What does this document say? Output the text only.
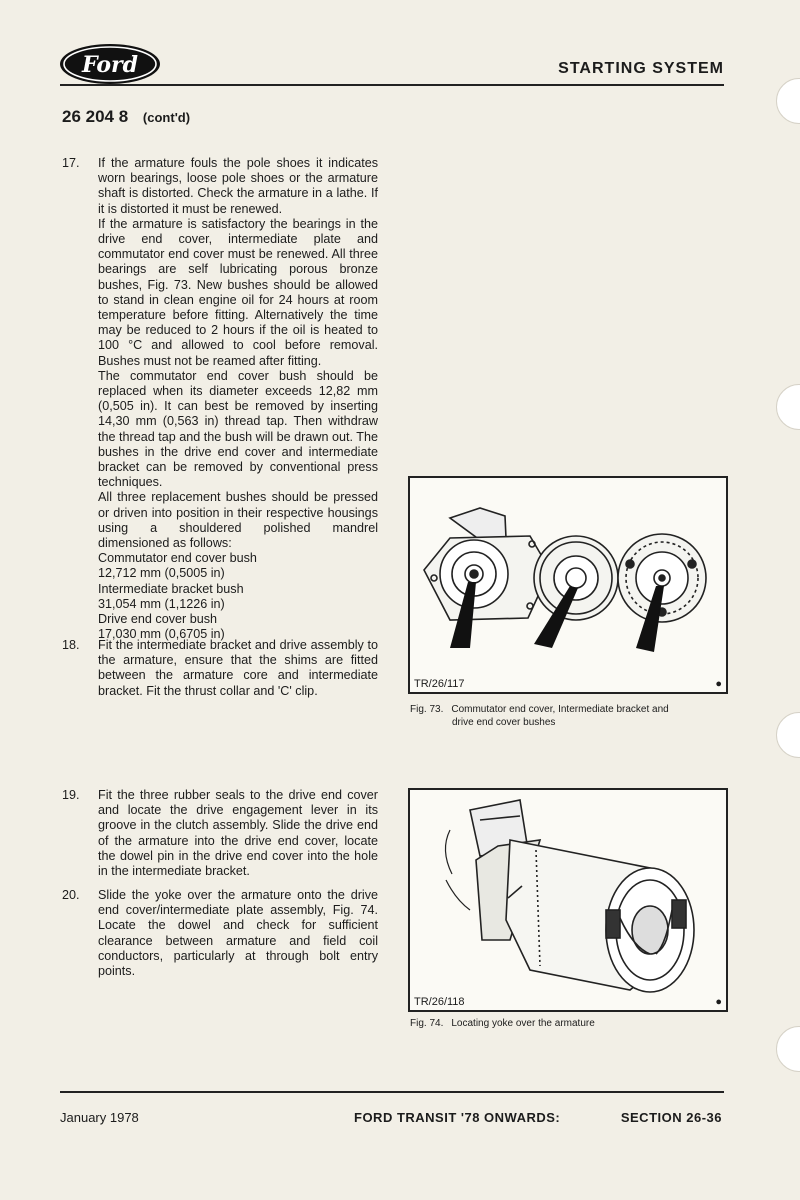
Ford	STARTING SYSTEM
26 204 8 (cont'd)
17.	If the armature fouls the pole shoes it indicates worn bearings, loose pole shoes or the armature shaft is distorted. Check the armature in a lathe. If it is distorted it must be renewed.

If the armature is satisfactory the bearings in the drive end cover, intermediate plate and commutator end cover must be renewed. All three bearings are self lubricating porous bronze bushes, Fig. 73. New bushes should be allowed to stand in clean engine oil for 24 hours at room temperature before fitting. Alternatively the time may be reduced to 2 hours if the oil is heated to 100 °C and allowed to cool before removal. Bushes must not be reamed after fitting.

The commutator end cover bush should be replaced when its diameter exceeds 12,82 mm (0,505 in). It can best be removed by inserting 14,30 mm (0,563 in) thread tap. Then withdraw the thread tap and the bush will be drawn out. The bushes in the drive end cover and intermediate bracket can be removed by conventional press techniques.

All three replacement bushes should be pressed or driven into position in their respective housings using a shouldered polished mandrel dimensioned as follows:

Commutator end cover bush

12,712 mm (0,5005 in)

Intermediate bracket bush

31,054 mm (1,1226 in)

Drive end cover bush

17,030 mm (0,6705 in)

18.	Fit the intermediate bracket and drive assembly to the armature, ensure that the shims are fitted between the armature core and intermediate bracket. Fit the thrust collar and 'C' clip.

19.	Fit the three rubber seals to the drive end cover and locate the drive engagement lever in its groove in the clutch assembly. Slide the drive end of the armature into the drive end cover, locate the dowel pin in the drive end cover into the hole in the intermediate bracket.

20.	Slide the yoke over the armature onto the drive end cover/intermediate plate assembly, Fig. 74. Locate the dowel and check for sufficient clearance between armature and field coil conductors, particularly at through bolt entry points.

TR/26/117	●
Fig. 73. Commutator end cover, Intermediate bracket and
drive end cover bushes
TR/26/118	●
Fig. 74. Locating yoke over the armature
January 1978	FORD TRANSIT '78 ONWARDS:	SECTION 26-36
